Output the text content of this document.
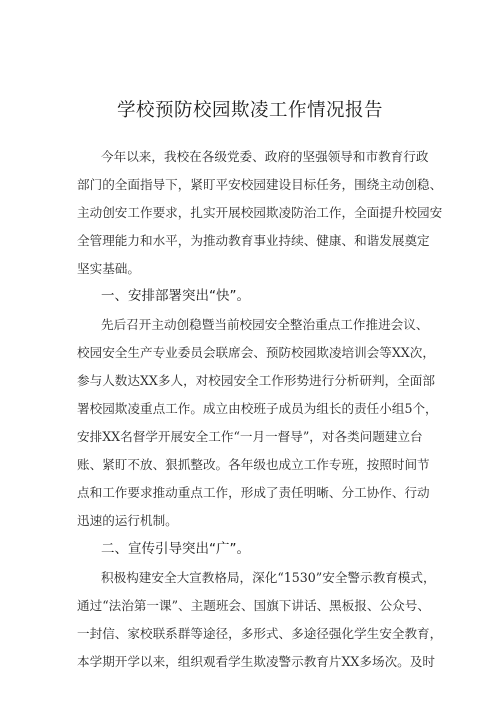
学校预防校园欺凌工作情况报告
今年以来，我校在各级党委、政府的坚强领导和市教育行政
部门的全面指导下，紧盯平安校园建设目标任务，围绕主动创稳、
主动创安工作要求，扎实开展校园欺凌防治工作，全面提升校园安
全管理能力和水平，为推动教育事业持续、健康、和谐发展奠定
坚实基础。
一、安排部署突出“快”。
先后召开主动创稳暨当前校园安全整治重点工作推进会议、
校园安全生产专业委员会联席会、预防校园欺凌培训会等XX次，
参与人数达XX多人，对校园安全工作形势进行分析研判，全面部
署校园欺凌重点工作。成立由校班子成员为组长的责任小组5个，
安排XX名督学开展安全工作“一月一督导”，对各类问题建立台
账、紧盯不放、狠抓整改。各年级也成立工作专班，按照时间节
点和工作要求推动重点工作，形成了责任明晰、分工协作、行动
迅速的运行机制。
二、宣传引导突出“广”。
积极构建安全大宣教格局，深化“1530”安全警示教育模式，
通过“法治第一课”、主题班会、国旗下讲话、黑板报、公众号、
一封信、家校联系群等途径，多形式、多途径强化学生安全教育，
本学期开学以来，组织观看学生欺凌警示教育片XX多场次。及时
